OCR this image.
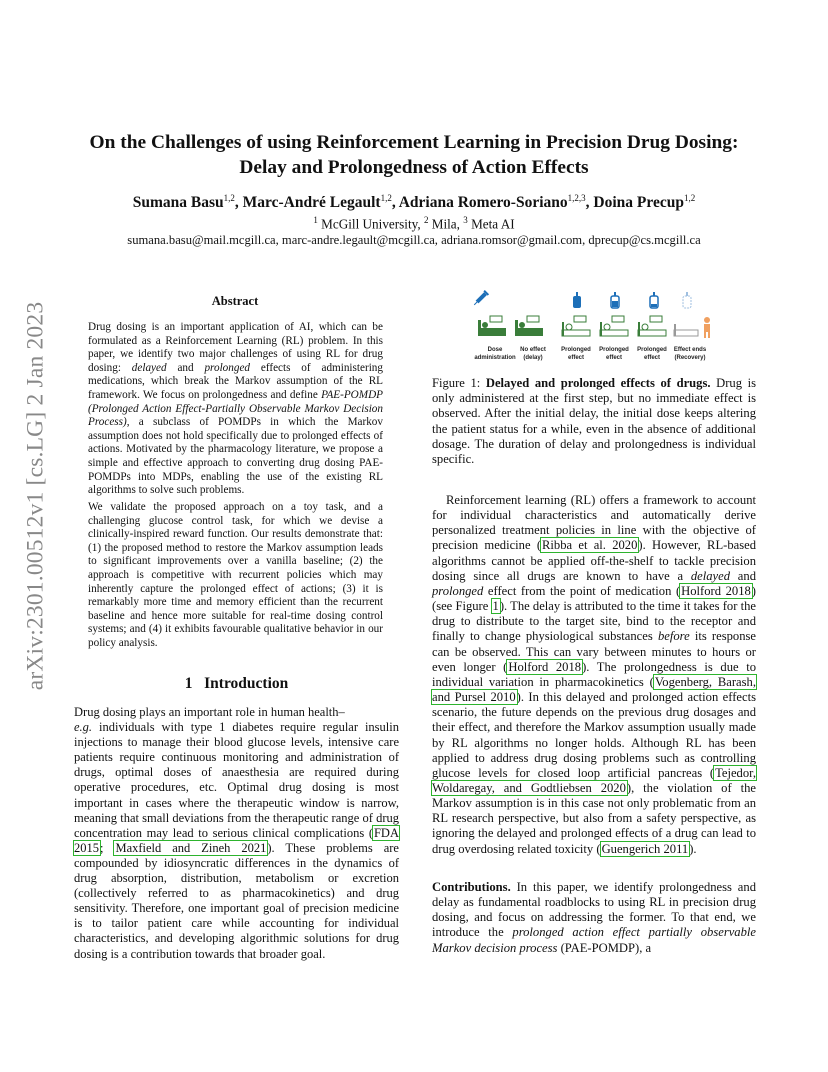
arXiv:2301.00512v1 [cs.LG] 2 Jan 2023
On the Challenges of using Reinforcement Learning in Precision Drug Dosing:
Delay and Prolongedness of Action Effects
Sumana Basu$^{1,2}$, Marc-André Legault$^{1,2}$, Adriana Romero-Soriano$^{1,2,3}$, Doina Precup$^{1,2}$
$^1$ McGill University, $^2$ Mila, $^3$ Meta AI
sumana.basu@mail.mcgill.ca, marc-andre.legault@mcgill.ca, adriana.romsor@gmail.com, dprecup@cs.mcgill.ca
Abstract
Drug dosing is an important application of AI, which can be formulated as a Reinforcement Learning (RL) problem. In this paper, we identify two major challenges of using RL for drug dosing: delayed and prolonged effects of administering medications, which break the Markov assumption of the RL framework. We focus on prolongedness and define PAE-POMDP (Prolonged Action Effect-Partially Observable Markov Decision Process), a subclass of POMDPs in which the Markov assumption does not hold specifically due to prolonged effects of actions. Motivated by the pharmacology literature, we propose a simple and effective approach to converting drug dosing PAE-POMDPs into MDPs, enabling the use of the existing RL algorithms to solve such problems.
We validate the proposed approach on a toy task, and a challenging glucose control task, for which we devise a clinically-inspired reward function. Our results demonstrate that: (1) the proposed method to restore the Markov assumption leads to significant improvements over a vanilla baseline; (2) the approach is competitive with recurrent policies which may inherently capture the prolonged effect of actions; (3) it is remarkably more time and memory efficient than the recurrent baseline and hence more suitable for real-time dosing control systems; and (4) it exhibits favourable qualitative behavior in our policy analysis.
1 Introduction
Drug dosing plays an important role in human health–
e.g. individuals with type 1 diabetes require regular insulin injections to manage their blood glucose levels, intensive care patients require continuous monitoring and administration of drugs, optimal doses of anaesthesia are required during operative procedures, etc. Optimal drug dosing is most important in cases where the therapeutic window is narrow, meaning that small deviations from the therapeutic range of drug concentration may lead to serious clinical complications (FDA 2015; Maxfield and Zineh 2021). These problems are compounded by idiosyncratic differences in the dynamics of drug absorption, distribution, metabolism or excretion (collectively referred to as pharmacokinetics) and drug sensitivity. Therefore, one important goal of precision medicine is to tailor patient care while accounting for individual characteristics, and developing algorithmic solutions for drug dosing is a contribution towards that broader goal.
Dose
administration
No effect
(delay)
Prolonged
effect
Prolonged
effect
Prolonged
effect
Effect ends
(Recovery)
Figure 1: Delayed and prolonged effects of drugs. Drug is only administered at the first step, but no immediate effect is observed. After the initial delay, the initial dose keeps altering the patient status for a while, even in the absence of additional dosage. The duration of delay and prolongedness is individual specific.
Reinforcement learning (RL) offers a framework to account for individual characteristics and automatically derive personalized treatment policies in line with the objective of precision medicine (Ribba et al. 2020). However, RL-based algorithms cannot be applied off-the-shelf to tackle precision dosing since all drugs are known to have a delayed and prolonged effect from the point of medication (Holford 2018) (see Figure 1). The delay is attributed to the time it takes for the drug to distribute to the target site, bind to the receptor and finally to change physiological substances before its response can be observed. This can vary between minutes to hours or even longer (Holford 2018). The prolongedness is due to individual variation in pharmacokinetics (Vogenberg, Barash, and Pursel 2010). In this delayed and prolonged action effects scenario, the future depends on the previous drug dosages and their effect, and therefore the Markov assumption usually made by RL algorithms no longer holds. Although RL has been applied to address drug dosing problems such as controlling glucose levels for closed loop artificial pancreas (Tejedor, Woldaregay, and Godtliebsen 2020), the violation of the Markov assumption is in this case not only problematic from an RL research perspective, but also from a safety perspective, as ignoring the delayed and prolonged effects of a drug can lead to drug overdosing related toxicity (Guengerich 2011).
Contributions. In this paper, we identify prolongedness and delay as fundamental roadblocks to using RL in precision drug dosing, and focus on addressing the former. To that end, we introduce the prolonged action effect partially observable Markov decision process (PAE-POMDP), a
